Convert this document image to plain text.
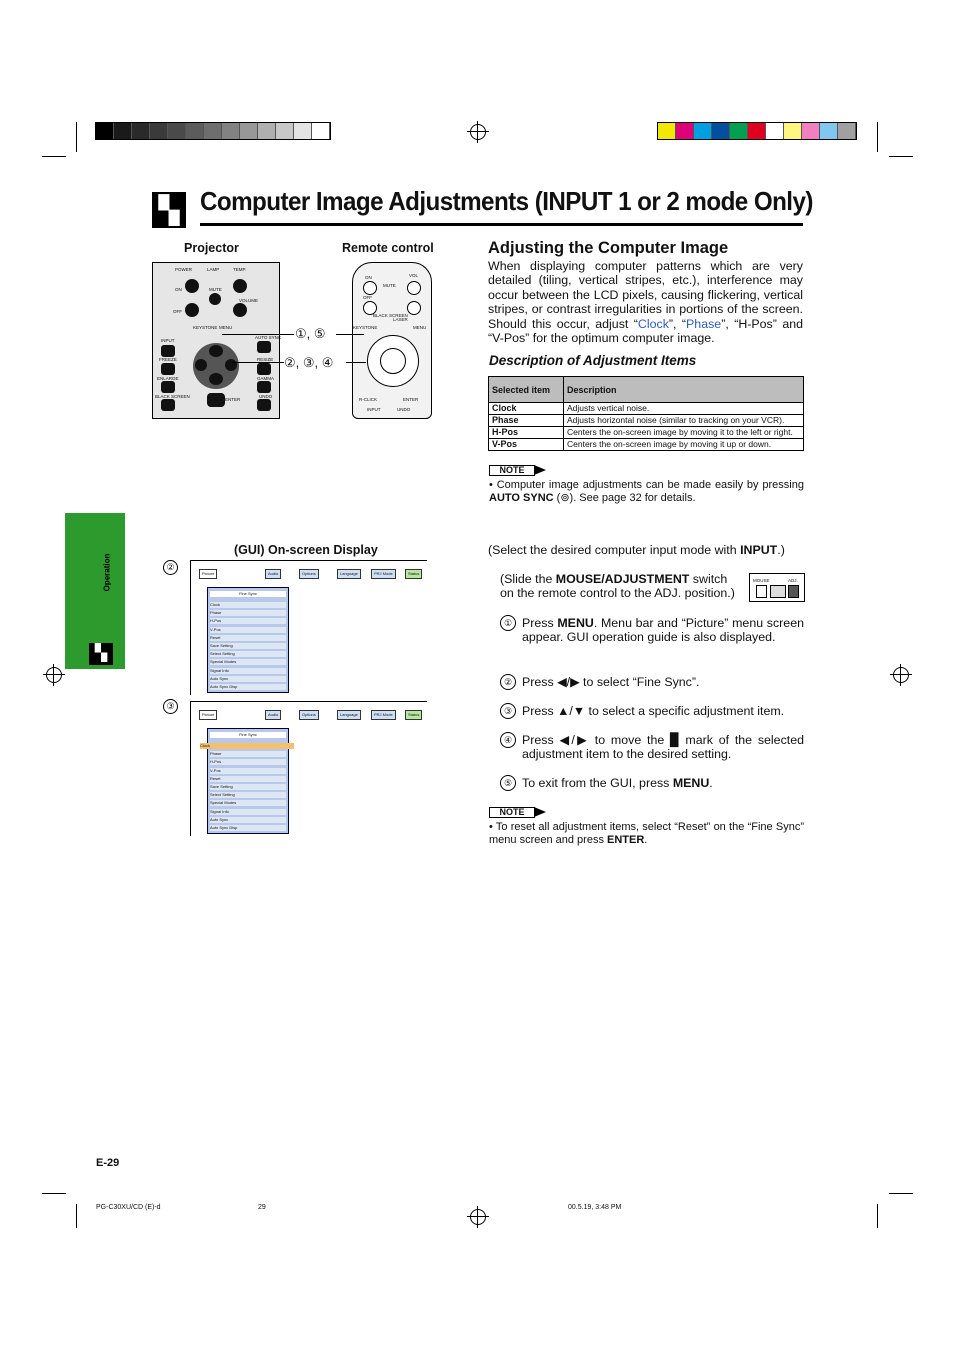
▚ Computer Image Adjustments (INPUT 1 or 2 mode Only)
Projector	Remote control
POWER	LAMP	TEMP.
ON	MUTE
VOLUME
OFF
KEYSTONE MENU
AUTO SYNC
INPUT
FREEZE	RESIZE
ENLARGE	GAMMA
BLACK SCREEN
ENTER
UNDO
ON
MUTE
VOL
OFF
BLACK SCREEN
LASER
KEYSTONE	MENU
R-CLICK	ENTER
INPUT	UNDO
①, ⑤
②, ③, ④
Adjusting the Computer Image
When displaying computer patterns which are very detailed (tiling, vertical stripes, etc.), interference may occur between the LCD pixels, causing flickering, vertical stripes, or contrast irregularities in portions of the screen. Should this occur, adjust “Clock”, “Phase”, “H-Pos” and “V-Pos” for the optimum computer image.
Description of Adjustment Items
Selected item	Description
Clock	Adjusts vertical noise.
Phase	Adjusts horizontal noise (similar to tracking on your VCR).
H-Pos	Centers the on-screen image by moving it to the left or right.
V-Pos	Centers the on-screen image by moving it up or down.
NOTE
• Computer image adjustments can be made easily by pressing AUTO SYNC (⊚). See page 32 for details.
Operation
▚
(GUI) On-screen Display
②
③
Picture	Audio	Options	Language	PRJ Mode	Status
Fine Sync
Clock
Phase
H-Pos
V-Pos
Reset
Save Setting
Select Setting
Special Modes
Signal Info
Auto Sync
Auto Sync Disp
Picture	Audio	Options	Language	PRJ Mode	Status
Fine Sync
Clock
Phase
H-Pos
V-Pos
Reset
Save Setting
Select Setting
Special Modes
Signal Info
Auto Sync
Auto Sync Disp
(Select the desired computer input mode with INPUT.)
(Slide the MOUSE/ADJUSTMENT switch on the remote control to the ADJ. position.)
MOUSE	ADJ.
① Press MENU. Menu bar and “Picture” menu screen appear. GUI operation guide is also displayed.
② Press ◀/▶ to select “Fine Sync”.
③ Press ▲/▼ to select a specific adjustment item.
④ Press ◀/▶ to move the ▉ mark of the selected adjustment item to the desired setting.
⑤ To exit from the GUI, press MENU.
NOTE
• To reset all adjustment items, select “Reset” on the “Fine Sync” menu screen and press ENTER.
E-29
PG-C30XU/CD (E)-d	29	00.5.19, 3:48 PM
